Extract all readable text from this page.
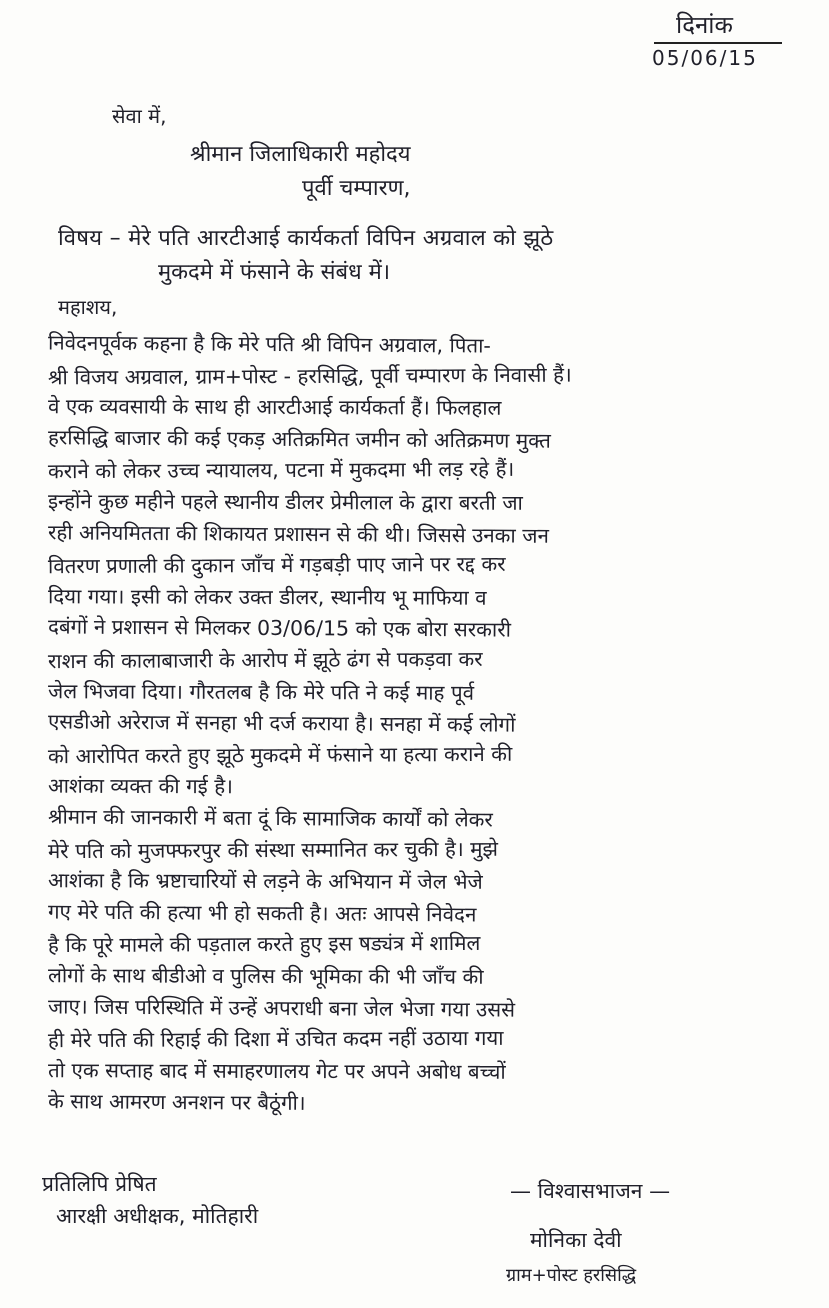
दिनांक
05/06/15
सेवा में,
श्रीमान जिलाधिकारी महोदय
पूर्वी चम्पारण,
विषय – मेरे पति आरटीआई कार्यकर्ता विपिन अग्रवाल को झूठे
मुकदमे में फंसाने के संबंध में।
महाशय,
निवेदनपूर्वक कहना है कि मेरे पति श्री विपिन अग्रवाल, पिता-
श्री विजय अग्रवाल, ग्राम+पोस्ट - हरसिद्धि, पूर्वी चम्पारण के निवासी हैं।
वे एक व्यवसायी के साथ ही आरटीआई कार्यकर्ता हैं। फिलहाल
हरसिद्धि बाजार की कई एकड़ अतिक्रमित जमीन को अतिक्रमण मुक्त
कराने को लेकर उच्च न्यायालय, पटना में मुकदमा भी लड़ रहे हैं।
इन्होंने कुछ महीने पहले स्थानीय डीलर प्रेमीलाल के द्वारा बरती जा
रही अनियमितता की शिकायत प्रशासन से की थी। जिससे उनका जन
वितरण प्रणाली की दुकान जाँच में गड़बड़ी पाए जाने पर रद्द कर
दिया गया। इसी को लेकर उक्त डीलर, स्थानीय भू माफिया व
दबंगों ने प्रशासन से मिलकर 03/06/15 को एक बोरा सरकारी
राशन की कालाबाजारी के आरोप में झूठे ढंग से पकड़वा कर
जेल भिजवा दिया। गौरतलब है कि मेरे पति ने कई माह पूर्व
एसडीओ अरेराज में सनहा भी दर्ज कराया है। सनहा में कई लोगों
को आरोपित करते हुए झूठे मुकदमे में फंसाने या हत्या कराने की
आशंका व्यक्त की गई है।
श्रीमान की जानकारी में बता दूं कि सामाजिक कार्यों को लेकर
मेरे पति को मुजफ्फरपुर की संस्था सम्मानित कर चुकी है। मुझे
आशंका है कि भ्रष्टाचारियों से लड़ने के अभियान में जेल भेजे
गए मेरे पति की हत्या भी हो सकती है। अतः आपसे निवेदन
है कि पूरे मामले की पड़ताल करते हुए इस षड्यंत्र में शामिल
लोगों के साथ बीडीओ व पुलिस की भूमिका की भी जाँच की
जाए। जिस परिस्थिति में उन्हें अपराधी बना जेल भेजा गया उससे
ही मेरे पति की रिहाई की दिशा में उचित कदम नहीं उठाया गया
तो एक सप्ताह बाद में समाहरणालय गेट पर अपने अबोध बच्चों
के साथ आमरण अनशन पर बैठूंगी।
प्रतिलिपि प्रेषित
आरक्षी अधीक्षक, मोतिहारी
— विश्वासभाजन —
मोनिका देवी
ग्राम+पोस्ट हरसिद्धि
